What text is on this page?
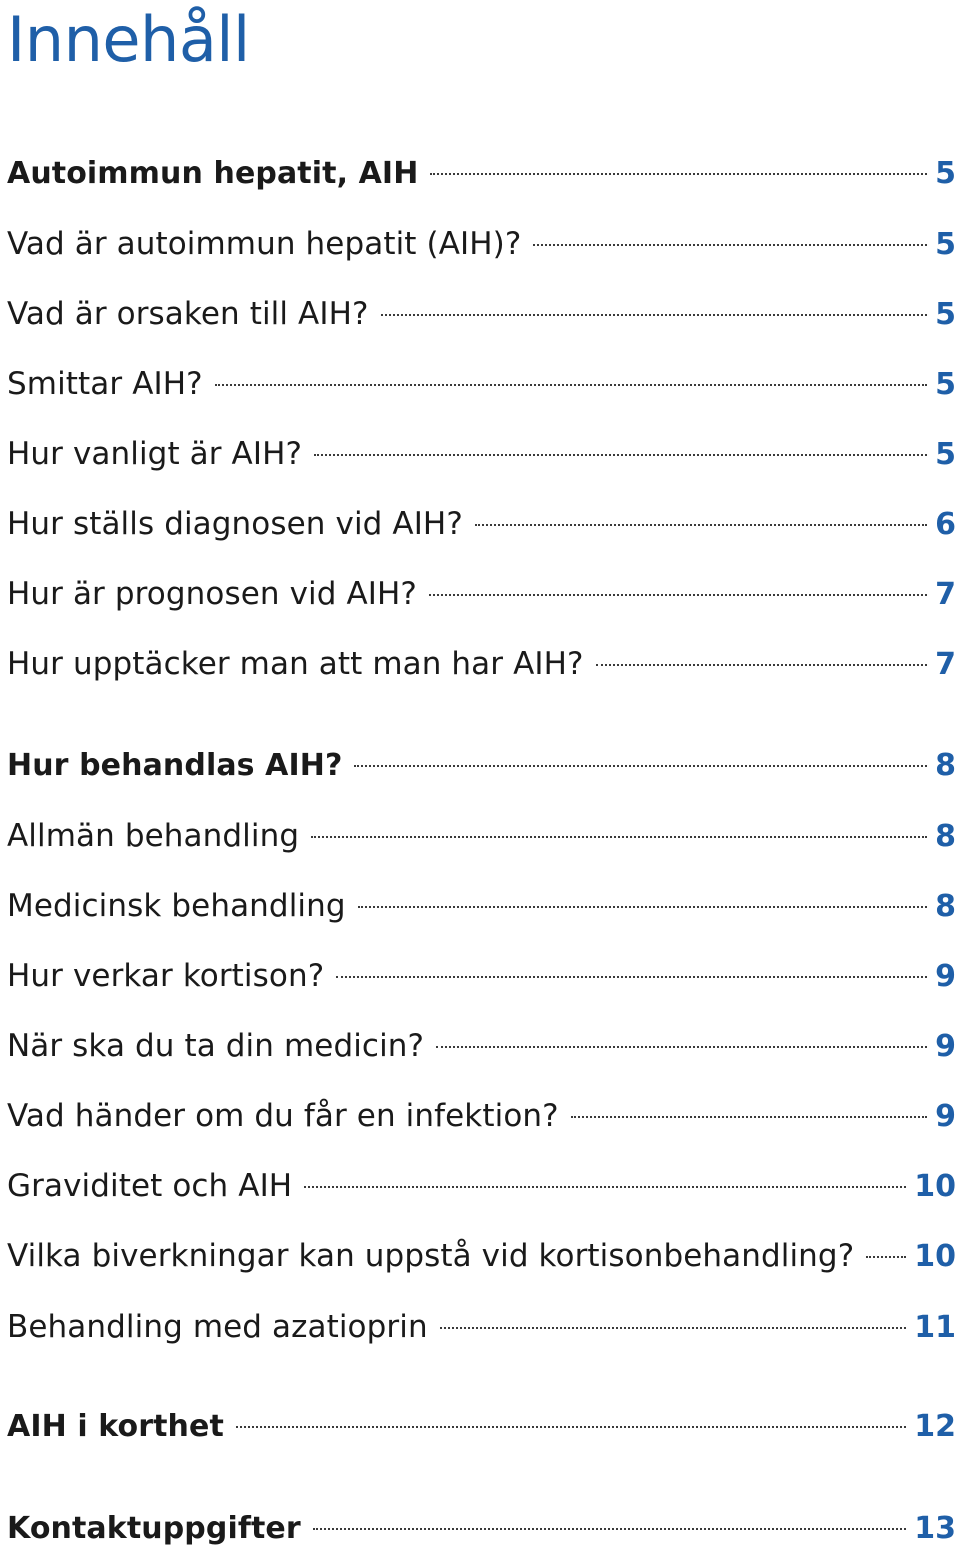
Innehåll
Autoimmun hepatit, AIH	5
Vad är autoimmun hepatit (AIH)?	5
Vad är orsaken till AIH?	5
Smittar AIH?	5
Hur vanligt är AIH?	5
Hur ställs diagnosen vid AIH?	6
Hur är prognosen vid AIH?	7
Hur upptäcker man att man har AIH?	7
Hur behandlas AIH?	8
Allmän behandling	8
Medicinsk behandling	8
Hur verkar kortison?	9
När ska du ta din medicin?	9
Vad händer om du får en infektion?	9
Graviditet och AIH	10
Vilka biverkningar kan uppstå vid kortisonbehandling? 10
Behandling med azatioprin	11
AIH i korthet	12
Kontaktuppgifter	13
